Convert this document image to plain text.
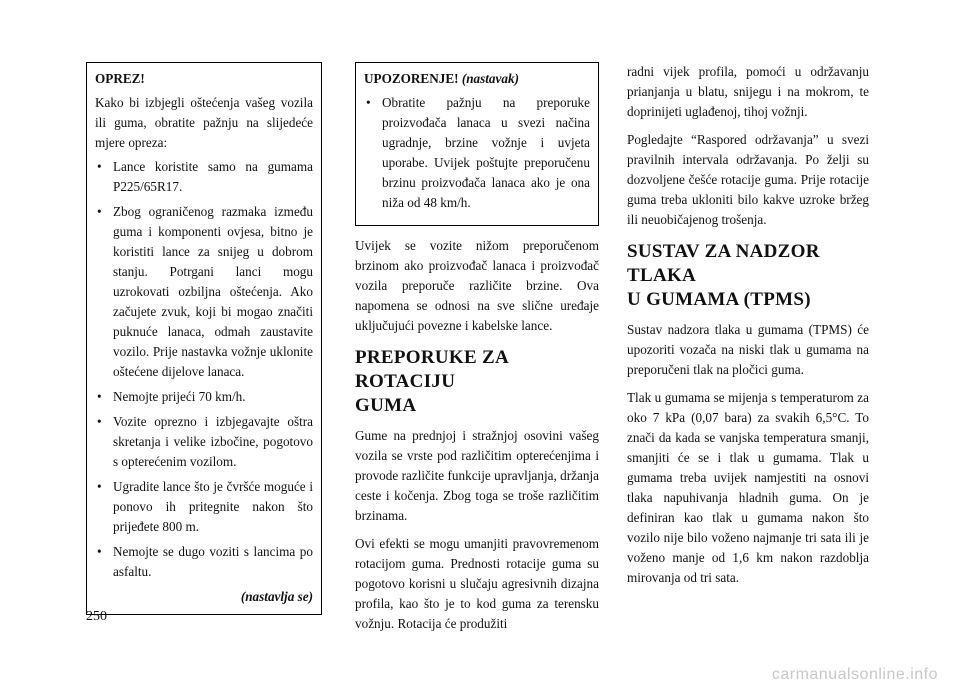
OPREZ!

Kako bi izbjegli oštećenja vašeg vozila ili guma, obratite pažnju na slijedeće mjere opreza:

• Lance koristite samo na gumama P225/65R17.
• Zbog ograničenog razmaka između guma i komponenti ovjesa, bitno je koristiti lance za snijeg u dobrom stanju. Potrgani lanci mogu uzrokovati ozbiljna oštećenja. Ako začujete zvuk, koji bi mogao značiti puknuće lanaca, odmah zaustavite vozilo. Prije nastavka vožnje uklonite oštećene dijelove lanaca.
• Nemojte prijeći 70 km/h.
• Vozite oprezno i izbjegavajte oštra skretanja i velike izbočine, pogotovo s opterećenim vozilom.
• Ugradite lance što je čvršće moguće i ponovo ih pritegnite nakon što prijeđete 800 m.
• Nemojte se dugo voziti s lancima po asfaltu.
(nastavlja se)

UPOZORENJE! (nastavak)

• Obratite pažnju na preporuke proizvođača lanaca u svezi načina ugradnje, brzine vožnje i uvjeta uporabe. Uvijek poštujte preporučenu brzinu proizvođača lanaca ako je ona niža od 48 km/h.

Uvijek se vozite nižom preporučenom brzinom ako proizvođač lanaca i proizvođač vozila preporuče različite brzine. Ova napomena se odnosi na sve slične uređaje uključujući povezne i kabelske lance.

PREPORUKE ZA ROTACIJU
GUMA

Gume na prednjoj i stražnjoj osovini vašeg vozila se vrste pod različitim opterećenjima i provode različite funkcije upravljanja, držanja ceste i kočenja. Zbog toga se troše različitim brzinama.

Ovi efekti se mogu umanjiti pravovremenom rotacijom guma. Prednosti rotacije guma su pogotovo korisni u slučaju agresivnih dizajna profila, kao što je to kod guma za terensku vožnju. Rotacija će produžiti

radni vijek profila, pomoći u održavanju prianjanja u blatu, snijegu i na mokrom, te doprinijeti uglađenoj, tihoj vožnji.

Pogledajte “Raspored održavanja” u svezi pravilnih intervala održavanja. Po želji su dozvoljene češće rotacije guma. Prije rotacije guma treba ukloniti bilo kakve uzroke bržeg ili neuobičajenog trošenja.

SUSTAV ZA NADZOR TLAKA
U GUMAMA (TPMS)

Sustav nadzora tlaka u gumama (TPMS) će upozoriti vozača na niski tlak u gumama na preporučeni tlak na pločici guma.

Tlak u gumama se mijenja s temperaturom za oko 7 kPa (0,07 bara) za svakih 6,5°C. To znači da kada se vanjska temperatura smanji, smanjiti će se i tlak u gumama. Tlak u gumama treba uvijek namjestiti na osnovi tlaka napuhivanja hladnih guma. On je definiran kao tlak u gumama nakon što vozilo nije bilo voženo najmanje tri sata ili je voženo manje od 1,6 km nakon razdoblja mirovanja od tri sata.

250
carmanualsonline.info
